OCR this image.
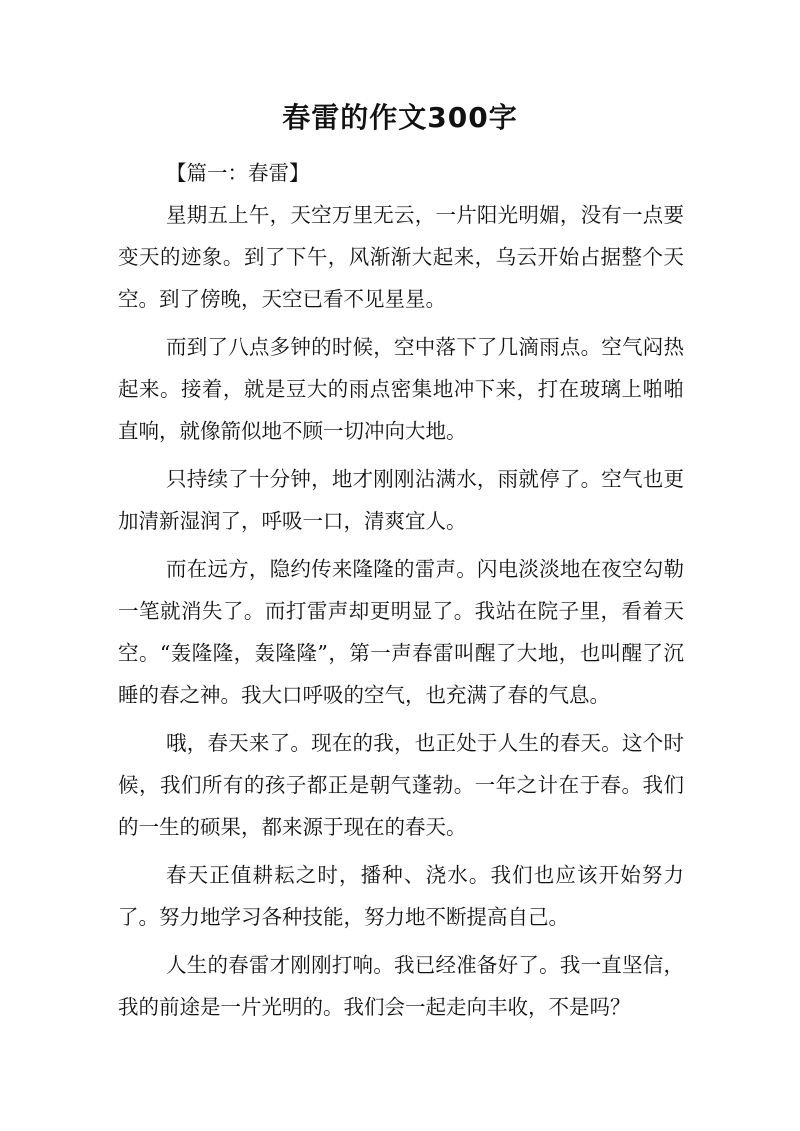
春雷的作文300字

【篇一：春雷】

星期五上午，天空万里无云，一片阳光明媚，没有一点要变天的迹象。到了下午，风渐渐大起来，乌云开始占据整个天空。到了傍晚，天空已看不见星星。

而到了八点多钟的时候，空中落下了几滴雨点。空气闷热起来。接着，就是豆大的雨点密集地冲下来，打在玻璃上啪啪直响，就像箭似地不顾一切冲向大地。

只持续了十分钟，地才刚刚沾满水，雨就停了。空气也更加清新湿润了，呼吸一口，清爽宜人。

而在远方，隐约传来隆隆的雷声。闪电淡淡地在夜空勾勒一笔就消失了。而打雷声却更明显了。我站在院子里，看着天空。“轰隆隆，轰隆隆”，第一声春雷叫醒了大地，也叫醒了沉睡的春之神。我大口呼吸的空气，也充满了春的气息。

哦，春天来了。现在的我，也正处于人生的春天。这个时候，我们所有的孩子都正是朝气蓬勃。一年之计在于春。我们的一生的硕果，都来源于现在的春天。

春天正值耕耘之时，播种、浇水。我们也应该开始努力了。努力地学习各种技能，努力地不断提高自己。

人生的春雷才刚刚打响。我已经准备好了。我一直坚信，我的前途是一片光明的。我们会一起走向丰收，不是吗？
